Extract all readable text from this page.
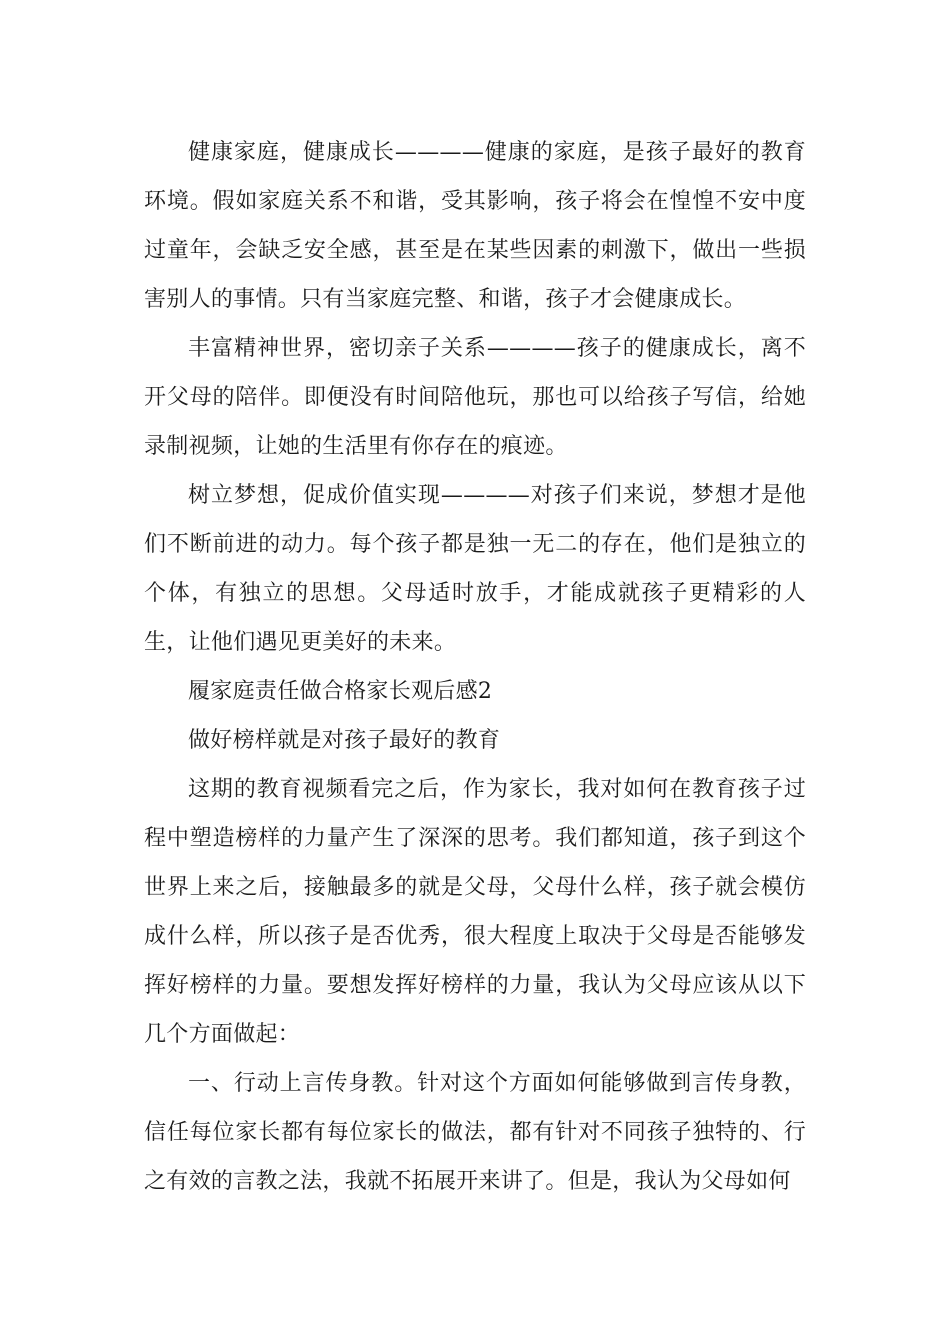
健康家庭，健康成长————健康的家庭，是孩子最好的教育环境。假如家庭关系不和谐，受其影响，孩子将会在惶惶不安中度过童年，会缺乏安全感，甚至是在某些因素的刺激下，做出一些损害别人的事情。只有当家庭完整、和谐，孩子才会健康成长。

丰富精神世界，密切亲子关系————孩子的健康成长，离不开父母的陪伴。即便没有时间陪他玩，那也可以给孩子写信，给她录制视频，让她的生活里有你存在的痕迹。

树立梦想，促成价值实现————对孩子们来说，梦想才是他们不断前进的动力。每个孩子都是独一无二的存在，他们是独立的个体，有独立的思想。父母适时放手，才能成就孩子更精彩的人生，让他们遇见更美好的未来。

履家庭责任做合格家长观后感2

做好榜样就是对孩子最好的教育

这期的教育视频看完之后，作为家长，我对如何在教育孩子过程中塑造榜样的力量产生了深深的思考。我们都知道，孩子到这个世界上来之后，接触最多的就是父母，父母什么样，孩子就会模仿成什么样，所以孩子是否优秀，很大程度上取决于父母是否能够发挥好榜样的力量。要想发挥好榜样的力量，我认为父母应该从以下几个方面做起：

一、行动上言传身教。针对这个方面如何能够做到言传身教，信任每位家长都有每位家长的做法，都有针对不同孩子独特的、行之有效的言教之法，我就不拓展开来讲了。但是，我认为父母如何
